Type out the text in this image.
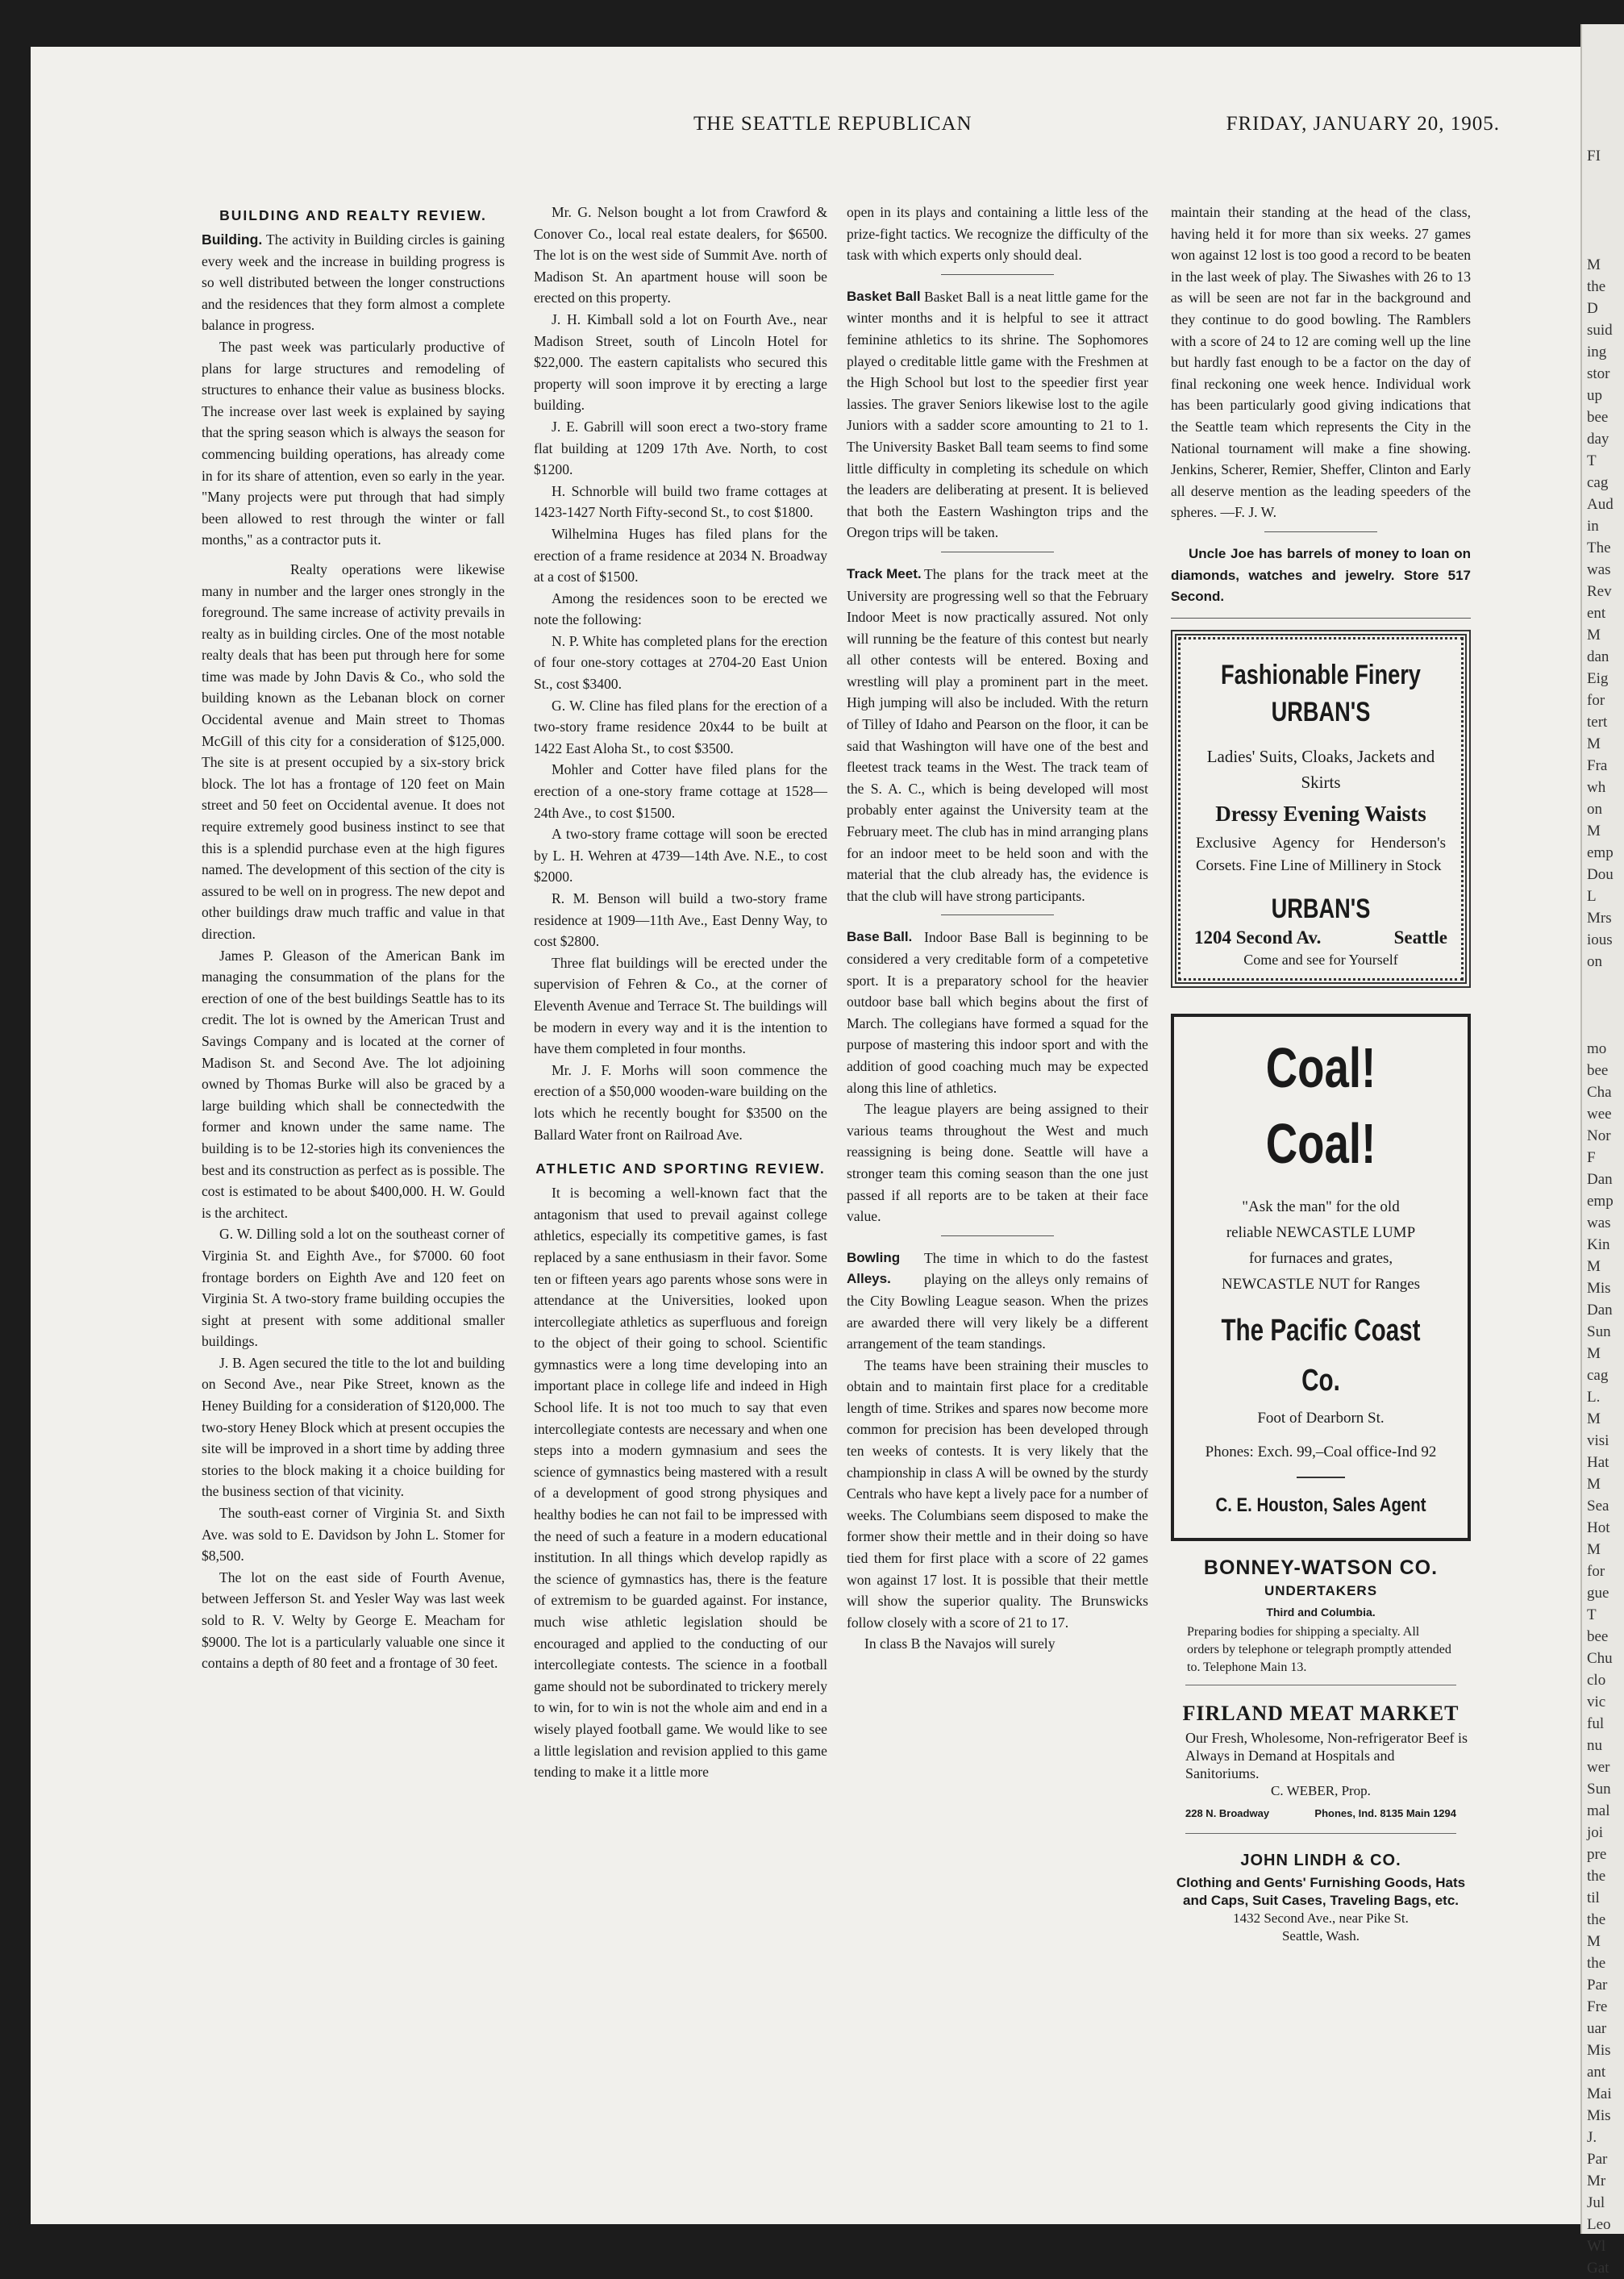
FI

M
the
D
suid
ing
stor
up
bee
day
T
cag
Aud
in
The
was
Rev
ent
M
dan
Eig
for
tert
M
Fra
wh
on
M
emp
Dou
L
Mrs
ious
on

mo
bee
Cha
wee
Nor
F
Dan
emp
was
Kin
M
Mis
Dan
Sun
M
cag
L.
M
visi
Hat
M
Sea
Hot
M
for
gue
T
bee
Chu
clo
vic
ful
nu
wer
Sun
mal
joi
pre
the
til
the
M
the
Par
Fre
uar
Mis
ant
Mai
Mis
J.
Par
Mr
Jul
Leo
Wl
Gat
THE SEATTLE REPUBLICAN	FRIDAY, JANUARY 20, 1905.
BUILDING AND REALTY REVIEW.

Building. The activity in Building circles is gaining every week and the increase in building progress is so well distributed between the longer constructions and the residences that they form almost a complete balance in progress.

The past week was particularly productive of plans for large structures and remodeling of structures to enhance their value as business blocks. The increase over last week is explained by saying that the spring season which is always the season for commencing building operations, has already come in for its share of attention, even so early in the year. "Many projects were put through that had simply been allowed to rest through the winter or fall months," as a contractor puts it.

Realty operations were likewise many in number and the larger ones strongly in the foreground. The same increase of activity prevails in realty as in building circles. One of the most notable realty deals that has been put through here for some time was made by John Davis & Co., who sold the building known as the Lebanan block on corner Occidental avenue and Main street to Thomas McGill of this city for a consideration of $125,000. The site is at present occupied by a six-story brick block. The lot has a frontage of 120 feet on Main street and 50 feet on Occidental avenue. It does not require extremely good business instinct to see that this is a splendid purchase even at the high figures named. The development of this section of the city is assured to be well on in progress. The new depot and other buildings draw much traffic and value in that direction.

James P. Gleason of the American Bank im managing the consummation of the plans for the erection of one of the best buildings Seattle has to its credit. The lot is owned by the American Trust and Savings Company and is located at the corner of Madison St. and Second Ave. The lot adjoining owned by Thomas Burke will also be graced by a large building which shall be connectedwith the former and known under the same name. The building is to be 12-stories high its conveniences the best and its construction as perfect as is possible. The cost is estimated to be about $400,000. H. W. Gould is the architect.

G. W. Dilling sold a lot on the southeast corner of Virginia St. and Eighth Ave., for $7000. 60 foot frontage borders on Eighth Ave and 120 feet on Virginia St. A two-story frame building occupies the sight at present with some additional smaller buildings.

J. B. Agen secured the title to the lot and building on Second Ave., near Pike Street, known as the Heney Building for a consideration of $120,000. The two-story Heney Block which at present occupies the site will be improved in a short time by adding three stories to the block making it a choice building for the business section of that vicinity.

The south-east corner of Virginia St. and Sixth Ave. was sold to E. Davidson by John L. Stomer for $8,500.

The lot on the east side of Fourth Avenue, between Jefferson St. and Yesler Way was last week sold to R. V. Welty by George E. Meacham for $9000. The lot is a particularly valuable one since it contains a depth of 80 feet and a frontage of 30 feet.

Mr. G. Nelson bought a lot from Crawford & Conover Co., local real estate dealers, for $6500. The lot is on the west side of Summit Ave. north of Madison St. An apartment house will soon be erected on this property.

J. H. Kimball sold a lot on Fourth Ave., near Madison Street, south of Lincoln Hotel for $22,000. The eastern capitalists who secured this property will soon improve it by erecting a large building.

J. E. Gabrill will soon erect a two-story frame flat building at 1209 17th Ave. North, to cost $1200.

H. Schnorble will build two frame cottages at 1423-1427 North Fifty-second St., to cost $1800.

Wilhelmina Huges has filed plans for the erection of a frame residence at 2034 N. Broadway at a cost of $1500.

Among the residences soon to be erected we note the following:

N. P. White has completed plans for the erection of four one-story cottages at 2704-20 East Union St., cost $3400.

G. W. Cline has filed plans for the erection of a two-story frame residence 20x44 to be built at 1422 East Aloha St., to cost $3500.

Mohler and Cotter have filed plans for the erection of a one-story frame cottage at 1528—24th Ave., to cost $1500.

A two-story frame cottage will soon be erected by L. H. Wehren at 4739—14th Ave. N.E., to cost $2000.

R. M. Benson will build a two-story frame residence at 1909—11th Ave., East Denny Way, to cost $2800.

Three flat buildings will be erected under the supervision of Fehren & Co., at the corner of Eleventh Avenue and Terrace St. The buildings will be modern in every way and it is the intention to have them completed in four months.

Mr. J. F. Morhs will soon commence the erection of a $50,000 wooden-ware building on the lots which he recently bought for $3500 on the Ballard Water front on Railroad Ave.

ATHLETIC AND SPORTING REVIEW.

It is becoming a well-known fact that the antagonism that used to prevail against college athletics, especially its competitive games, is fast replaced by a sane enthusiasm in their favor. Some ten or fifteen years ago parents whose sons were in attendance at the Universities, looked upon intercollegiate athletics as superfluous and foreign to the object of their going to school. Scientific gymnastics were a long time developing into an important place in college life and indeed in High School life. It is not too much to say that even intercollegiate contests are necessary and when one steps into a modern gymnasium and sees the science of gymnastics being mastered with a result of a development of good strong physiques and healthy bodies he can not fail to be impressed with the need of such a feature in a modern educational institution. In all things which develop rapidly as the science of gymnastics has, there is the feature of extremism to be guarded against. For instance, much wise athletic legislation should be encouraged and applied to the conducting of our intercollegiate contests. The science in a football game should not be subordinated to trickery merely to win, for to win is not the whole aim and end in a wisely played football game. We would like to see a little legislation and revision applied to this game tending to make it a little more

open in its plays and containing a little less of the prize-fight tactics. We recognize the difficulty of the task with which experts only should deal.

Basket Ball Basket Ball is a neat little game for the winter months and it is helpful to see it attract feminine athletics to its shrine. The Sophomores played o creditable little game with the Freshmen at the High School but lost to the speedier first year lassies. The graver Seniors likewise lost to the agile Juniors with a sadder score amounting to 21 to 1. The University Basket Ball team seems to find some little difficulty in completing its schedule on which the leaders are deliberating at present. It is believed that both the Eastern Washington trips and the Oregon trips will be taken.

Track Meet. The plans for the track meet at the University are progressing well so that the February Indoor Meet is now practically assured. Not only will running be the feature of this contest but nearly all other contests will be entered. Boxing and wrestling will play a prominent part in the meet. High jumping will also be included. With the return of Tilley of Idaho and Pearson on the floor, it can be said that Washington will have one of the best and fleetest track teams in the West. The track team of the S. A. C., which is being developed will most probably enter against the University team at the February meet. The club has in mind arranging plans for an indoor meet to be held soon and with the material that the club already has, the evidence is that the club will have strong participants.

Base Ball. Indoor Base Ball is beginning to be considered a very creditable form of a competetive sport. It is a preparatory school for the heavier outdoor base ball which begins about the first of March. The collegians have formed a squad for the purpose of mastering this indoor sport and with the addition of good coaching much may be expected along this line of athletics.

The league players are being assigned to their various teams throughout the West and much reassigning is being done. Seattle will have a stronger team this coming season than the one just passed if all reports are to be taken at their face value.

Bowling Alleys.
The time in which to do the fastest playing on the alleys only remains of the City Bowling League season. When the prizes are awarded there will very likely be a different arrangement of the team standings.

The teams have been straining their muscles to obtain and to maintain first place for a creditable length of time. Strikes and spares now become more common for precision has been developed through ten weeks of contests. It is very likely that the championship in class A will be owned by the sturdy Centrals who have kept a lively pace for a number of weeks. The Columbians seem disposed to make the former show their mettle and in their doing so have tied them for first place with a score of 22 games won against 17 lost. It is possible that their mettle will show the superior quality. The Brunswicks follow closely with a score of 21 to 17.

In class B the Navajos will surely

maintain their standing at the head of the class, having held it for more than six weeks. 27 games won against 12 lost is too good a record to be beaten in the last week of play. The Siwashes with 26 to 13 as will be seen are not far in the background and they continue to do good bowling. The Ramblers with a score of 24 to 12 are coming well up the line but hardly fast enough to be a factor on the day of final reckoning one week hence. Individual work has been particularly good giving indications that the Seattle team which represents the City in the National tournament will make a fine showing. Jenkins, Scherer, Remier, Sheffer, Clinton and Early all deserve mention as the leading speeders of the spheres. —F. J. W.

Uncle Joe has barrels of money to loan on diamonds, watches and jewelry. Store 517 Second.

Fashionable Finery
URBAN'S
Ladies' Suits, Cloaks, Jackets and Skirts
Dressy Evening Waists
Exclusive Agency for Henderson's Corsets. Fine Line of Millinery in Stock
URBAN'S
1204 Second Av.	Seattle
Come and see for Yourself
Coal! Coal!
"Ask the man" for the old reliable NEWCASTLE LUMP for furnaces and grates, NEWCASTLE NUT for Ranges
The Pacific Coast Co.
Foot of Dearborn St.
Phones: Exch. 99,–Coal office-Ind 92
C. E. Houston, Sales Agent
BONNEY-WATSON CO.
UNDERTAKERS
Third and Columbia.
Preparing bodies for shipping a specialty. All orders by telephone or telegraph promptly attended to. Telephone Main 13.
FIRLAND MEAT MARKET
Our Fresh, Wholesome, Non-refrigerator Beef is Always in Demand at Hospitals and Sanitoriums.
C. WEBER, Prop.
228 N. Broadway	Phones, Ind. 8135 Main 1294
JOHN LINDH & CO.
Clothing and Gents' Furnishing Goods, Hats and Caps, Suit Cases, Traveling Bags, etc.
1432 Second Ave., near Pike St.
Seattle, Wash.
